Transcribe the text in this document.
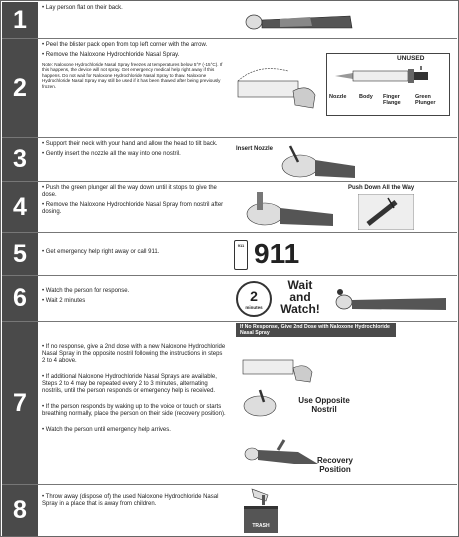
1	• Lay person flat on their back.

2

• Peel the blister pack open from top left corner with the arrow.

• Remove the Naloxone Hydrochloride Nasal Spray.

Note: Naloxone Hydrochloride Nasal Spray freezes at temperatures below 5°F (-15°C). If this happens, the device will not spray. Get emergency medical help right away if this happens. Do not wait for Naloxone Hydrochloride Nasal Spray to thaw. Naloxone Hydrochloride Nasal Spray may still be used if it has been thawed after being previously frozen.

UNUSED
Nozzle Body Finger Flange
Green Plunger
3

• Support their neck with your hand and allow the head to tilt back.

• Gently insert the nozzle all the way into one nostril.

Insert Nozzle
4

• Push the green plunger all the way down until it stops to give the dose.

• Remove the Naloxone Hydrochloride Nasal Spray from nostril after dosing.

Push Down All the Way
5	• Get emergency help right away or call 911.

911 911
6	• Watch the person for response.

• Wait 2 minutes	2
minutes
Wait
and
Watch!
7

• If no response, give a 2nd dose with a new Naloxone Hydrochloride Nasal Spray in the opposite nostril following the instructions in steps 2 to 4 above.

• If additional Naloxone Hydrochloride Nasal Sprays are available, Steps 2 to 4 may be repeated every 2 to 3 minutes, alternating nostrils, until the person responds or emergency help is received.

• If the person responds by waking up to the voice or touch or starts breathing normally, place the person on their side (recovery position).

• Watch the person until emergency help arrives.

If No Response, Give 2nd Dose with Naloxone Hydrochloride Nasal Spray
Use Opposite Nostril
Recovery Position
8	• Throw away (dispose of) the used Naloxone Hydrochloride Nasal Spray in a place that is away from children.

TRASH
